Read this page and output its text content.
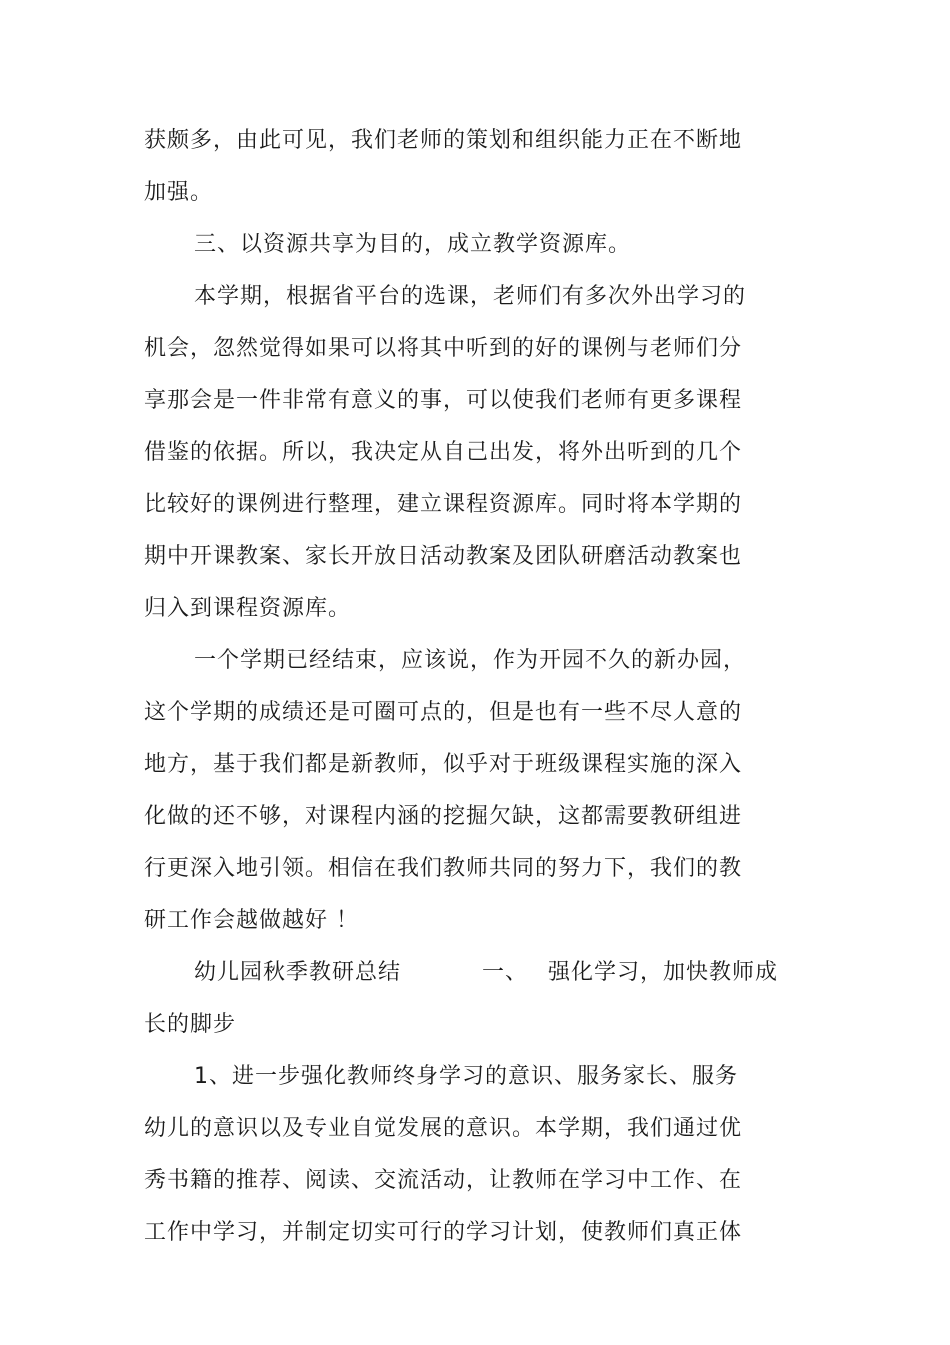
获颇多，由此可见，我们老师的策划和组织能力正在不断地
加强。
三、以资源共享为目的，成立教学资源库。
本学期，根据省平台的选课，老师们有多次外出学习的
机会，忽然觉得如果可以将其中听到的好的课例与老师们分
享那会是一件非常有意义的事，可以使我们老师有更多课程
借鉴的依据。所以，我决定从自己出发，将外出听到的几个
比较好的课例进行整理，建立课程资源库。同时将本学期的
期中开课教案、家长开放日活动教案及团队研磨活动教案也
归入到课程资源库。
一个学期已经结束，应该说，作为开园不久的新办园，
这个学期的成绩还是可圈可点的，但是也有一些不尽人意的
地方，基于我们都是新教师，似乎对于班级课程实施的深入
化做的还不够，对课程内涵的挖掘欠缺，这都需要教研组进
行更深入地引领。相信在我们教师共同的努力下，我们的教
研工作会越做越好 ！
幼儿园秋季教研总结	一、 强化学习，加快教师成
长的脚步
1、进一步强化教师终身学习的意识、服务家长、服务
幼儿的意识以及专业自觉发展的意识。本学期，我们通过优
秀书籍的推荐、阅读、交流活动，让教师在学习中工作、在
工作中学习，并制定切实可行的学习计划，使教师们真正体
